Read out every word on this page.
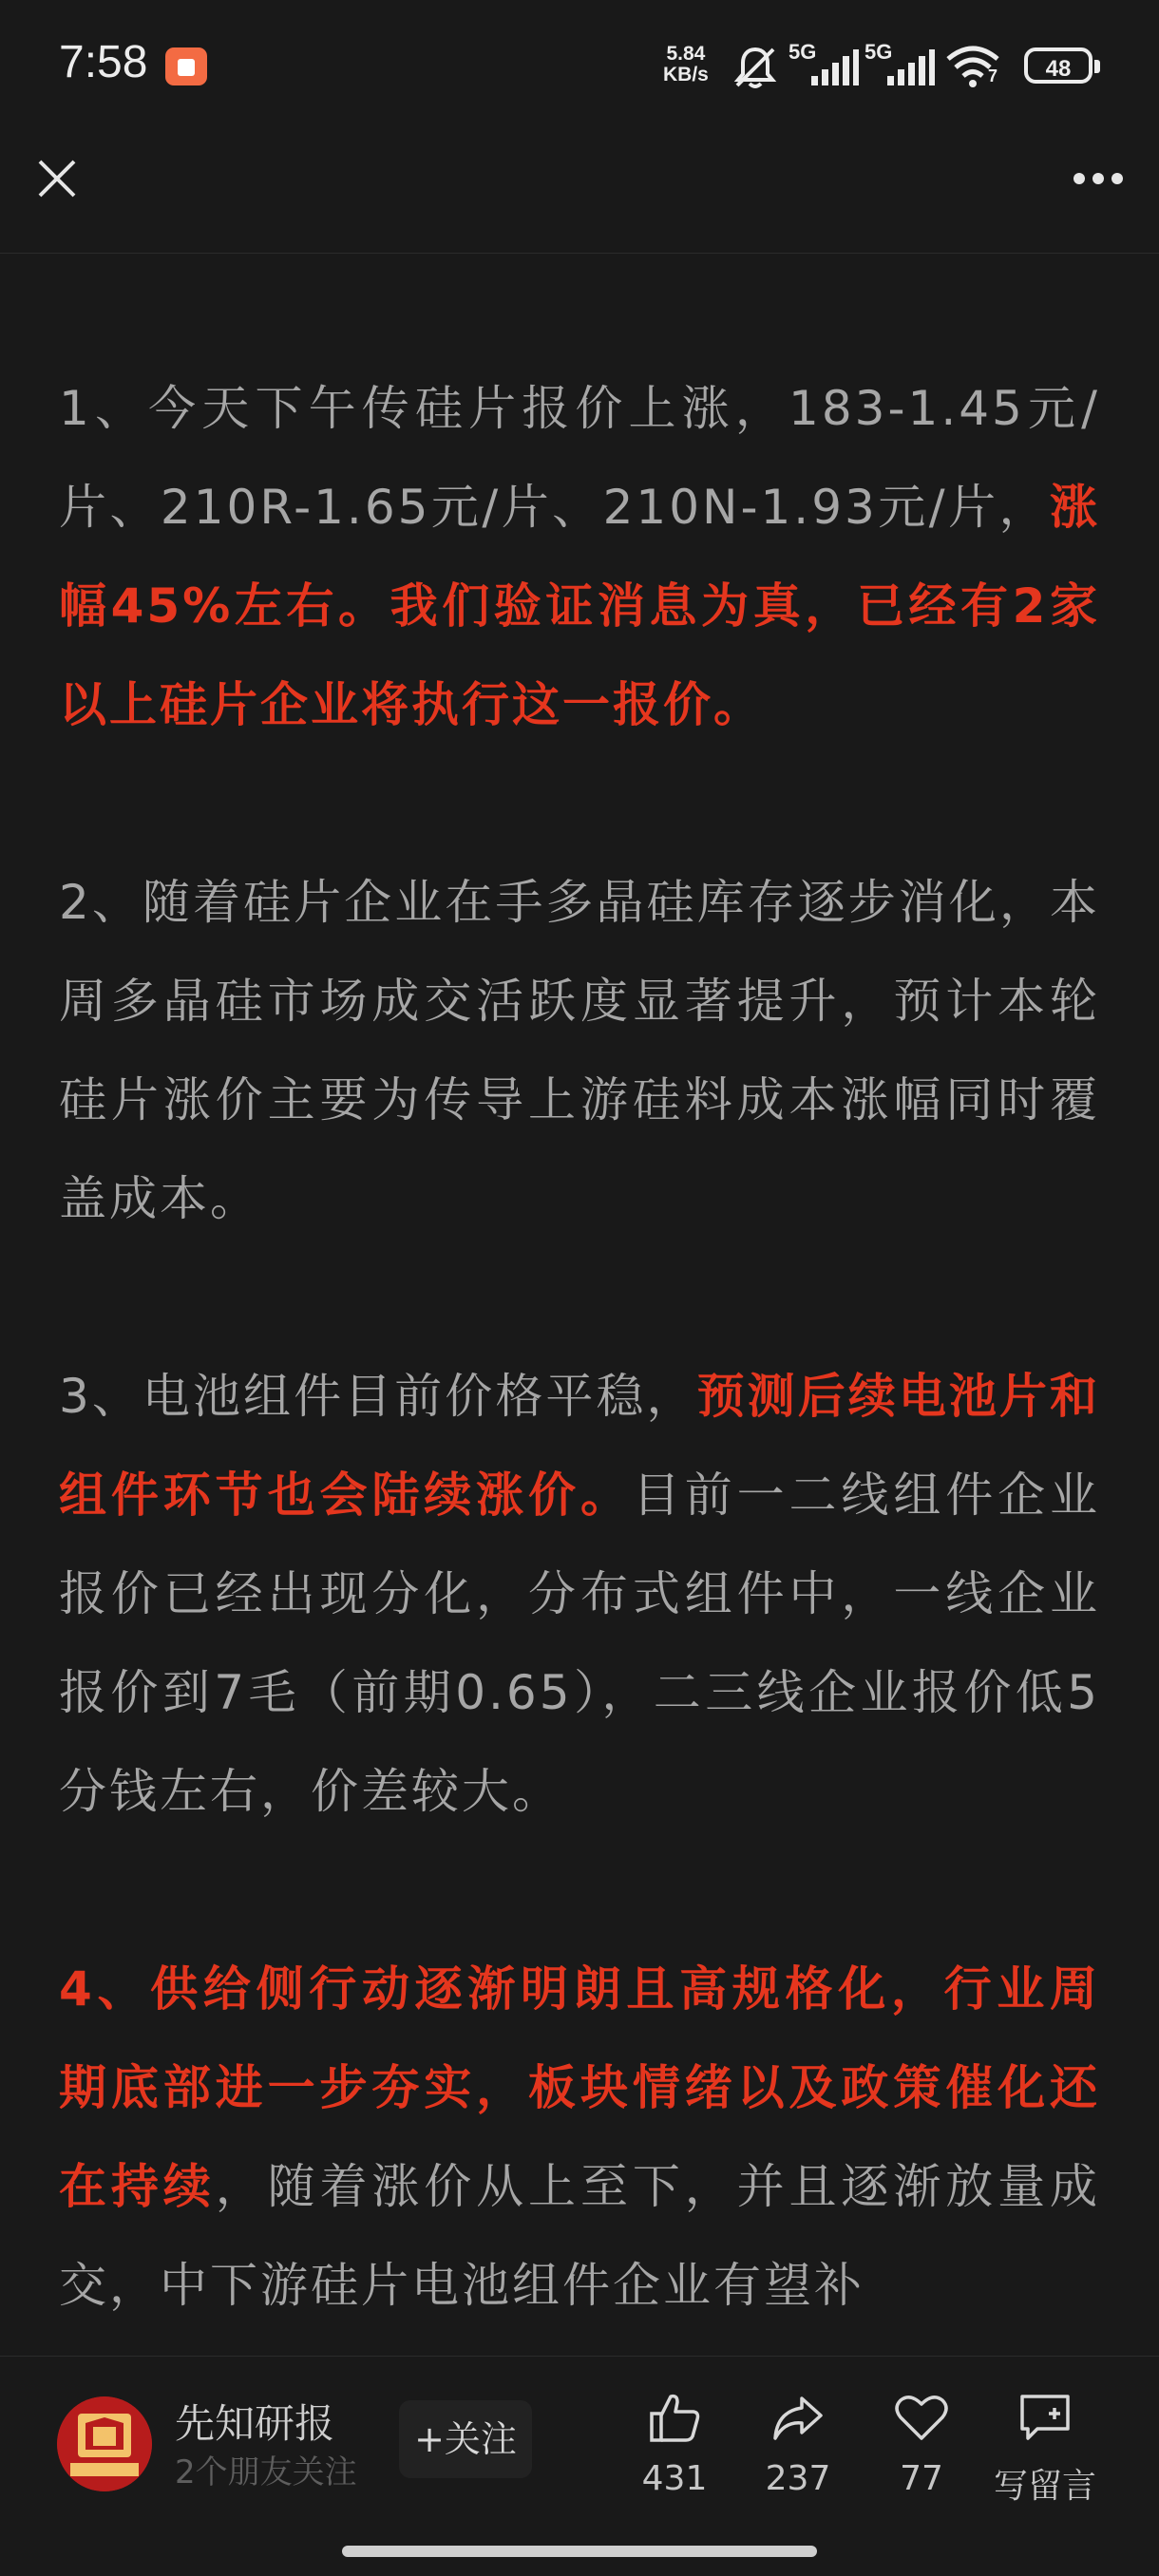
7:58	5.84
KB/s
5G 5G
7	48

1、今天下午传硅片报价上涨，183-1.45元/片、210R-1.65元/片、210N-1.93元/片，涨幅45%左右。我们验证消息为真，已经有2家以上硅片企业将执行这一报价。

2、随着硅片企业在手多晶硅库存逐步消化，本周多晶硅市场成交活跃度显著提升，预计本轮硅片涨价主要为传导上游硅料成本涨幅同时覆盖成本。

3、电池组件目前价格平稳，预测后续电池片和组件环节也会陆续涨价。目前一二线组件企业报价已经出现分化，分布式组件中，一线企业报价到7毛（前期0.65），二三线企业报价低5分钱左右，价差较大。

4、供给侧行动逐渐明朗且高规格化，行业周期底部进一步夯实，板块情绪以及政策催化还在持续，随着涨价从上至下，并且逐渐放量成交，中下游硅片电池组件企业有望补

先知研报
2个朋友关注
+关注
431	237	77	写留言
